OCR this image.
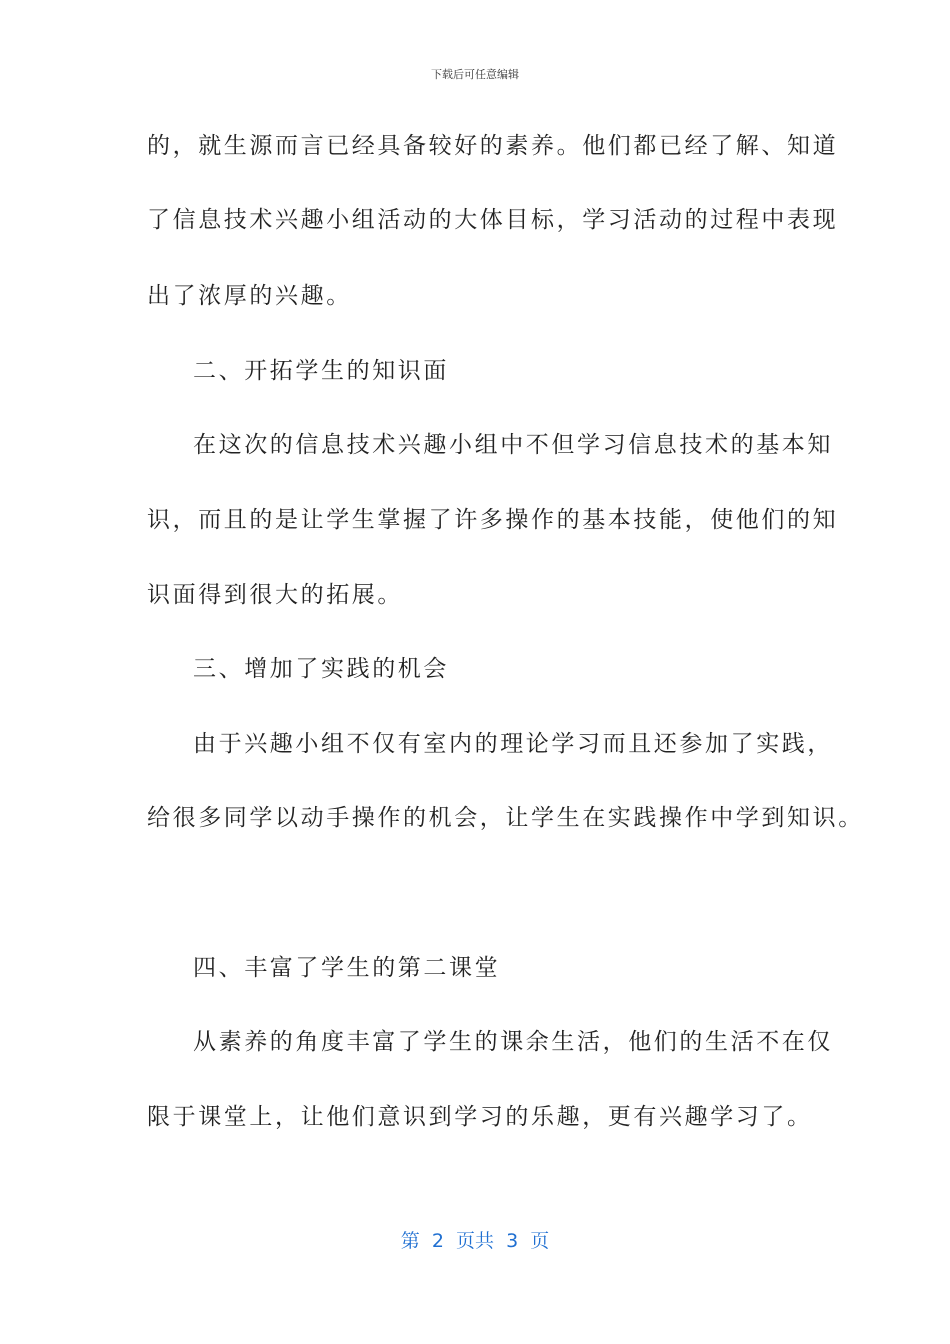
下载后可任意编辑
的，就生源而言已经具备较好的素养。他们都已经了解、知道
了信息技术兴趣小组活动的大体目标，学习活动的过程中表现
出了浓厚的兴趣。
二、开拓学生的知识面
在这次的信息技术兴趣小组中不但学习信息技术的基本知
识，而且的是让学生掌握了许多操作的基本技能，使他们的知
识面得到很大的拓展。
三、增加了实践的机会
由于兴趣小组不仅有室内的理论学习而且还参加了实践，
给很多同学以动手操作的机会，让学生在实践操作中学到知识。
四、丰富了学生的第二课堂
从素养的角度丰富了学生的课余生活，他们的生活不在仅
限于课堂上，让他们意识到学习的乐趣，更有兴趣学习了。
第  2  页共  3  页
